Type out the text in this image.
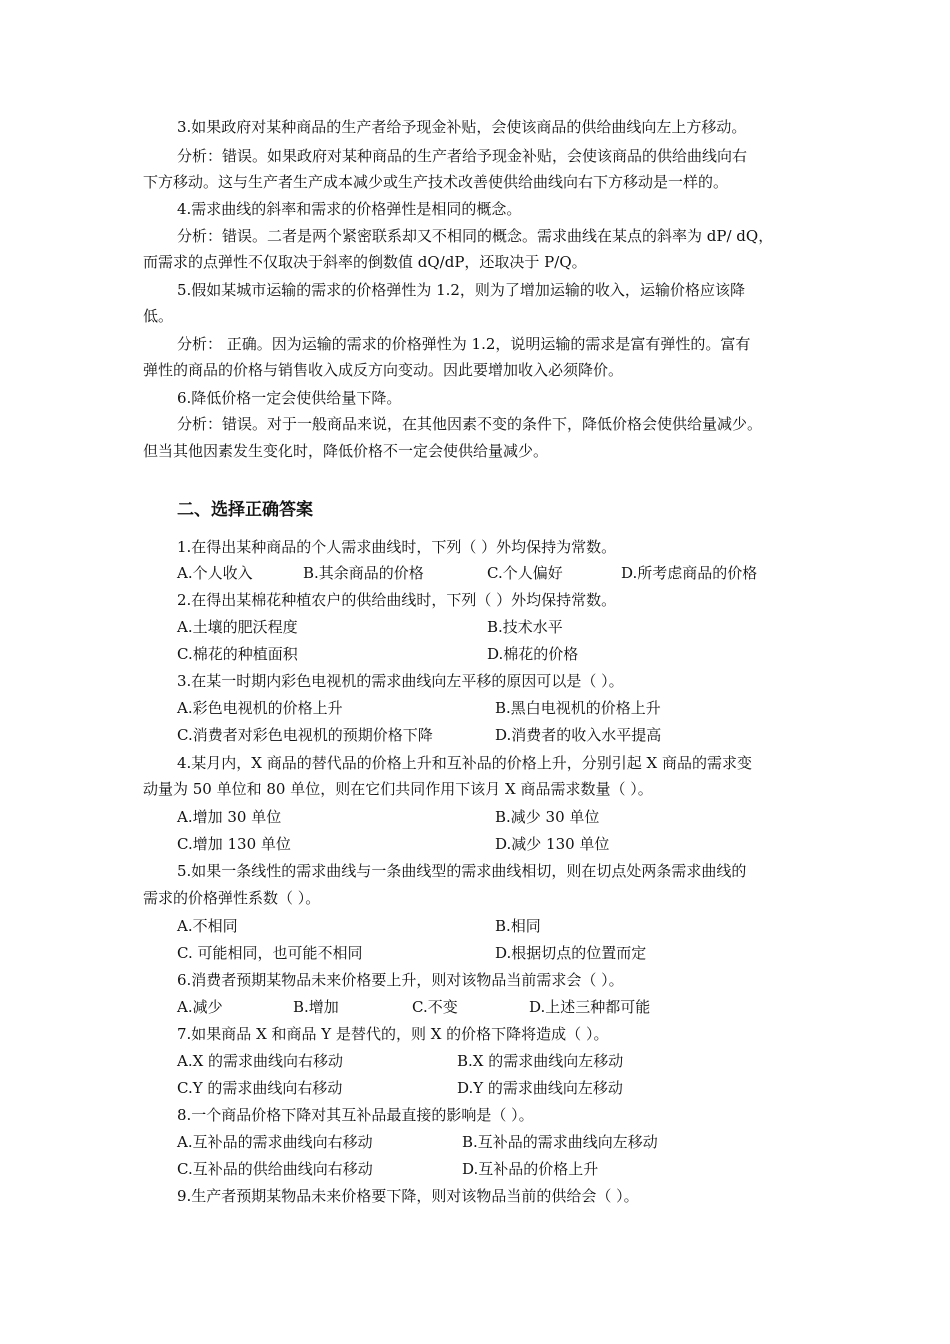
3.如果政府对某种商品的生产者给予现金补贴，会使该商品的供给曲线向左上方移动。
分析：错误。如果政府对某种商品的生产者给予现金补贴，会使该商品的供给曲线向右
下方移动。这与生产者生产成本减少或生产技术改善使供给曲线向右下方移动是一样的。
4.需求曲线的斜率和需求的价格弹性是相同的概念。
分析：错误。二者是两个紧密联系却又不相同的概念。需求曲线在某点的斜率为 dP/ dQ，
而需求的点弹性不仅取决于斜率的倒数值 dQ/dP，还取决于 P/Q。
5.假如某城市运输的需求的价格弹性为 1.2，则为了增加运输的收入，运输价格应该降
低。
分析： 正确。因为运输的需求的价格弹性为 1.2，说明运输的需求是富有弹性的。富有
弹性的商品的价格与销售收入成反方向变动。因此要增加收入必须降价。
6.降低价格一定会使供给量下降。
分析：错误。对于一般商品来说，在其他因素不变的条件下，降低价格会使供给量减少。
但当其他因素发生变化时，降低价格不一定会使供给量减少。
二、选择正确答案
1.在得出某种商品的个人需求曲线时，下列（ ）外均保持为常数。
A.个人收入	B.其余商品的价格	C.个人偏好	D.所考虑商品的价格
2.在得出某棉花种植农户的供给曲线时，下列（ ）外均保持常数。
A.土壤的肥沃程度	B.技术水平
C.棉花的种植面积	D.棉花的价格
3.在某一时期内彩色电视机的需求曲线向左平移的原因可以是（ ）。
A.彩色电视机的价格上升	B.黑白电视机的价格上升
C.消费者对彩色电视机的预期价格下降	D.消费者的收入水平提高
4.某月内，X 商品的替代品的价格上升和互补品的价格上升，分别引起 X 商品的需求变
动量为 50 单位和 80 单位，则在它们共同作用下该月 X 商品需求数量（ ）。
A.增加 30 单位	B.减少 30 单位
C.增加 130 单位	D.减少 130 单位
5.如果一条线性的需求曲线与一条曲线型的需求曲线相切，则在切点处两条需求曲线的
需求的价格弹性系数（ ）。
A.不相同	B.相同
C. 可能相同，也可能不相同	D.根据切点的位置而定
6.消费者预期某物品未来价格要上升，则对该物品当前需求会（ ）。
A.减少	B.增加	C.不变	D.上述三种都可能
7.如果商品 X 和商品 Y 是替代的，则 X 的价格下降将造成（ ）。
A.X 的需求曲线向右移动	B.X 的需求曲线向左移动
C.Y 的需求曲线向右移动	D.Y 的需求曲线向左移动
8.一个商品价格下降对其互补品最直接的影响是（ ）。
A.互补品的需求曲线向右移动	B.互补品的需求曲线向左移动
C.互补品的供给曲线向右移动	D.互补品的价格上升
9.生产者预期某物品未来价格要下降，则对该物品当前的供给会（ ）。
